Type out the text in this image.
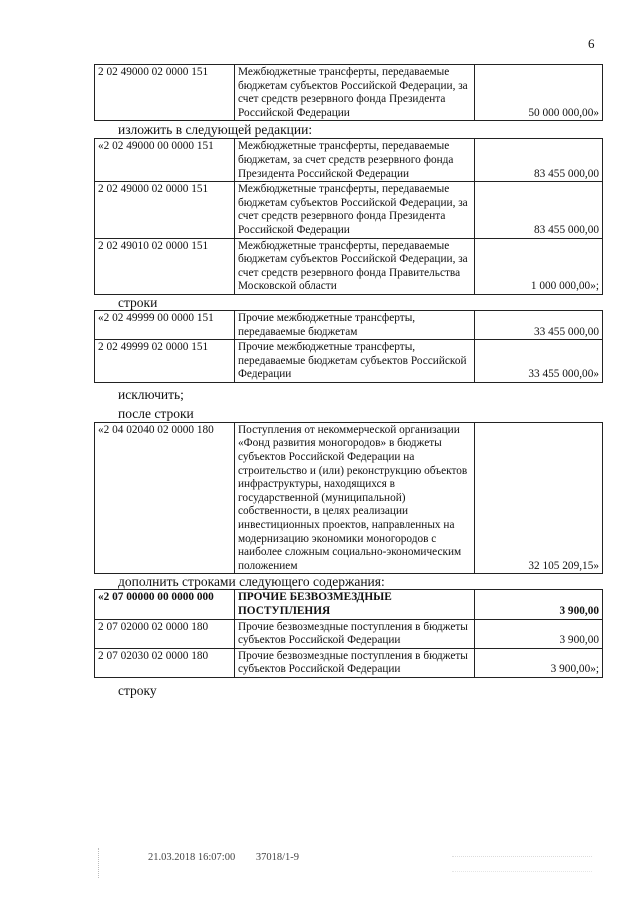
6
2 02 49000 02 0000 151	Межбюджетные трансферты, передаваемые бюджетам субъектов Российской Федерации, за счет средств резервного фонда Президента Российской Федерации	50 000 000,00»
изложить в следующей редакции:
«2 02 49000 00 0000 151	Межбюджетные трансферты, передаваемые бюджетам, за счет средств резервного фонда Президента Российской Федерации	83 455 000,00
2 02 49000 02 0000 151	Межбюджетные трансферты, передаваемые бюджетам субъектов Российской Федерации, за счет средств резервного фонда Президента Российской Федерации	83 455 000,00
2 02 49010 02 0000 151	Межбюджетные трансферты, передаваемые бюджетам субъектов Российской Федерации, за счет средств резервного фонда Правительства Московской области	1 000 000,00»;
строки
«2 02 49999 00 0000 151	Прочие межбюджетные трансферты, передаваемые бюджетам	33 455 000,00
2 02 49999 02 0000 151	Прочие межбюджетные трансферты, передаваемые бюджетам субъектов Российской Федерации	33 455 000,00»
исключить;
после строки
«2 04 02040 02 0000 180	Поступления от некоммерческой организации «Фонд развития моногородов» в бюджеты субъектов Российской Федерации на строительство и (или) реконструкцию объектов инфраструктуры, находящихся в государственной (муниципальной) собственности, в целях реализации инвестиционных проектов, направленных на модернизацию экономики моногородов с наиболее сложным социально-экономическим положением	32 105 209,15»
дополнить строками следующего содержания:
«2 07 00000 00 0000 000	ПРОЧИЕ БЕЗВОЗМЕЗДНЫЕ ПОСТУПЛЕНИЯ	3 900,00
2 07 02000 02 0000 180	Прочие безвозмездные поступления в бюджеты субъектов Российской Федерации	3 900,00
2 07 02030 02 0000 180	Прочие безвозмездные поступления в бюджеты субъектов Российской Федерации	3 900,00»;
строку
21.03.2018 16:07:00 37018/1-9
